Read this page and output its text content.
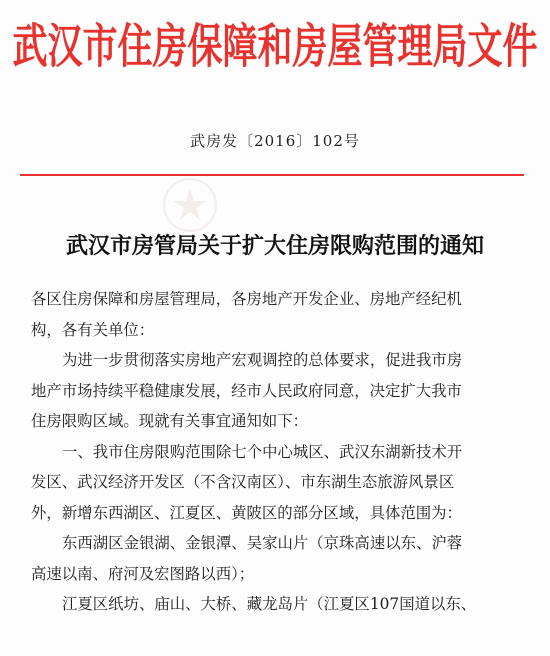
武汉市住房保障和房屋管理局文件
武房发〔2016〕102号
武汉市房管局关于扩大住房限购范围的通知
各区住房保障和房屋管理局，各房地产开发企业、房地产经纪机
构，各有关单位：
为进一步贯彻落实房地产宏观调控的总体要求，促进我市房
地产市场持续平稳健康发展，经市人民政府同意，决定扩大我市
住房限购区域。现就有关事宜通知如下：
一、我市住房限购范围除七个中心城区、武汉东湖新技术开
发区、武汉经济开发区（不含汉南区）、市东湖生态旅游风景区
外，新增东西湖区、江夏区、黄陂区的部分区域，具体范围为：
东西湖区金银湖、金银潭、吴家山片（京珠高速以东、沪蓉
高速以南、府河及宏图路以西）；
江夏区纸坊、庙山、大桥、藏龙岛片（江夏区107国道以东、
